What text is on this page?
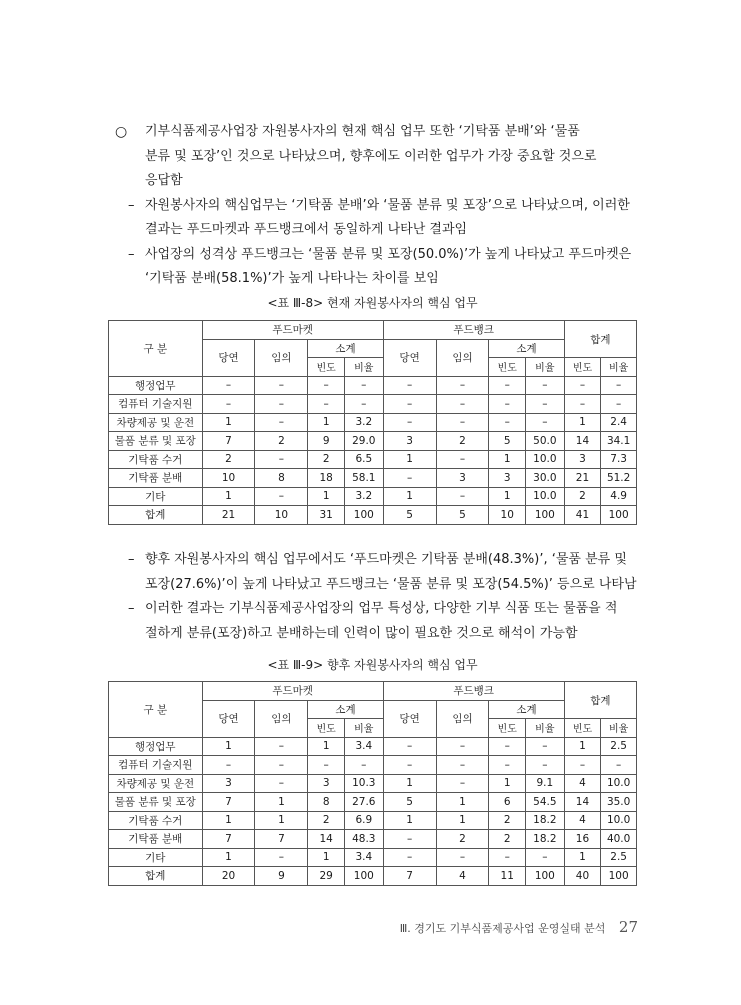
○	기부식품제공사업장 자원봉사자의 현재 핵심 업무 또한 ‘기탁품 분배’와 ‘물품
분류 및 포장’인 것으로 나타났으며, 향후에도 이러한 업무가 가장 중요할 것으로
응답함
– 자원봉사자의 핵심업무는 ‘기탁품 분배’와 ‘물품 분류 및 포장’으로 나타났으며, 이러한
결과는 푸드마켓과 푸드뱅크에서 동일하게 나타난 결과임
– 사업장의 성격상 푸드뱅크는 ‘물품 분류 및 포장(50.0%)’가 높게 나타났고 푸드마켓은
‘기탁품 분배(58.1%)’가 높게 나타나는 차이를 보임
<표 Ⅲ-8> 현재 자원봉사자의 핵심 업무
구 분	푸드마켓				푸드뱅크				합계	
	당연	임의	소계		당연	임의	소계			
			빈도	비율			빈도	비율	빈도	비율
행정업무	–	–	–	–	–	–	–	–	–	–
컴퓨터 기술지원	–	–	–	–	–	–	–	–	–	–
차량제공 및 운전	1	–	1	3.2	–	–	–	–	1	2.4
물품 분류 및 포장	7	2	9	29.0	3	2	5	50.0	14	34.1
기탁품 수거	2	–	2	6.5	1	–	1	10.0	3	7.3
기탁품 분배	10	8	18	58.1	–	3	3	30.0	21	51.2
기타	1	–	1	3.2	1	–	1	10.0	2	4.9
합계	21	10	31	100	5	5	10	100	41	100
– 향후 자원봉사자의 핵심 업무에서도 ‘푸드마켓은 기탁품 분배(48.3%)’, ‘물품 분류 및
포장(27.6%)’이 높게 나타났고 푸드뱅크는 ‘물품 분류 및 포장(54.5%)’ 등으로 나타남
– 이러한 결과는 기부식품제공사업장의 업무 특성상, 다양한 기부 식품 또는 물품을 적
절하게 분류(포장)하고 분배하는데 인력이 많이 필요한 것으로 해석이 가능함
<표 Ⅲ-9> 향후 자원봉사자의 핵심 업무
구 분	푸드마켓				푸드뱅크				합계	
	당연	임의	소계		당연	임의	소계			
			빈도	비율			빈도	비율	빈도	비율
행정업무	1	–	1	3.4	–	–	–	–	1	2.5
컴퓨터 기술지원	–	–	–	–	–	–	–	–	–	–
차량제공 및 운전	3	–	3	10.3	1	–	1	9.1	4	10.0
물품 분류 및 포장	7	1	8	27.6	5	1	6	54.5	14	35.0
기탁품 수거	1	1	2	6.9	1	1	2	18.2	4	10.0
기탁품 분배	7	7	14	48.3	–	2	2	18.2	16	40.0
기타	1	–	1	3.4	–	–	–	–	1	2.5
합계	20	9	29	100	7	4	11	100	40	100
Ⅲ. 경기도 기부식품제공사업 운영실태 분석 27
